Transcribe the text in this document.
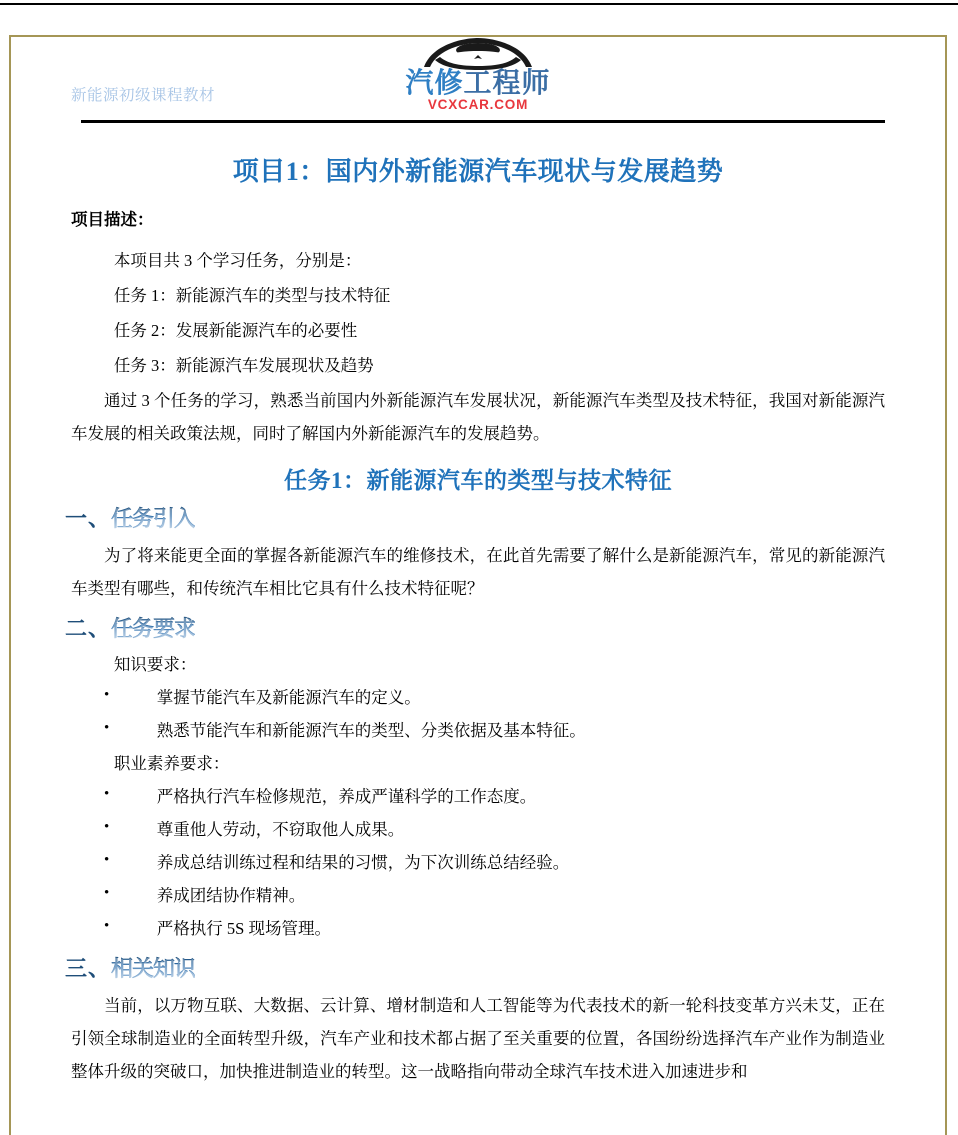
新能源初级课程教材	汽修工程师
VCXCAR.COM
项目1：国内外新能源汽车现状与发展趋势
项目描述：

本项目共 3 个学习任务，分别是：

任务 1：新能源汽车的类型与技术特征

任务 2：发展新能源汽车的必要性

任务 3：新能源汽车发展现状及趋势

通过 3 个任务的学习，熟悉当前国内外新能源汽车发展状况，新能源汽车类型及技术特征，我国对新能源汽车发展的相关政策法规，同时了解国内外新能源汽车的发展趋势。

任务1：新能源汽车的类型与技术特征
一、任务引入

为了将来能更全面的掌握各新能源汽车的维修技术，在此首先需要了解什么是新能源汽车，常见的新能源汽车类型有哪些，和传统汽车相比它具有什么技术特征呢？

二、任务要求

知识要求：

• 掌握节能汽车及新能源汽车的定义。
• 熟悉节能汽车和新能源汽车的类型、分类依据及基本特征。

职业素养要求：

• 严格执行汽车检修规范，养成严谨科学的工作态度。
• 尊重他人劳动，不窃取他人成果。
• 养成总结训练过程和结果的习惯，为下次训练总结经验。
• 养成团结协作精神。
• 严格执行 5S 现场管理。
三、相关知识

当前，以万物互联、大数据、云计算、增材制造和人工智能等为代表技术的新一轮科技变革方兴未艾，正在引领全球制造业的全面转型升级，汽车产业和技术都占据了至关重要的位置，各国纷纷选择汽车产业作为制造业整体升级的突破口，加快推进制造业的转型。这一战略指向带动全球汽车技术进入加速进步和
